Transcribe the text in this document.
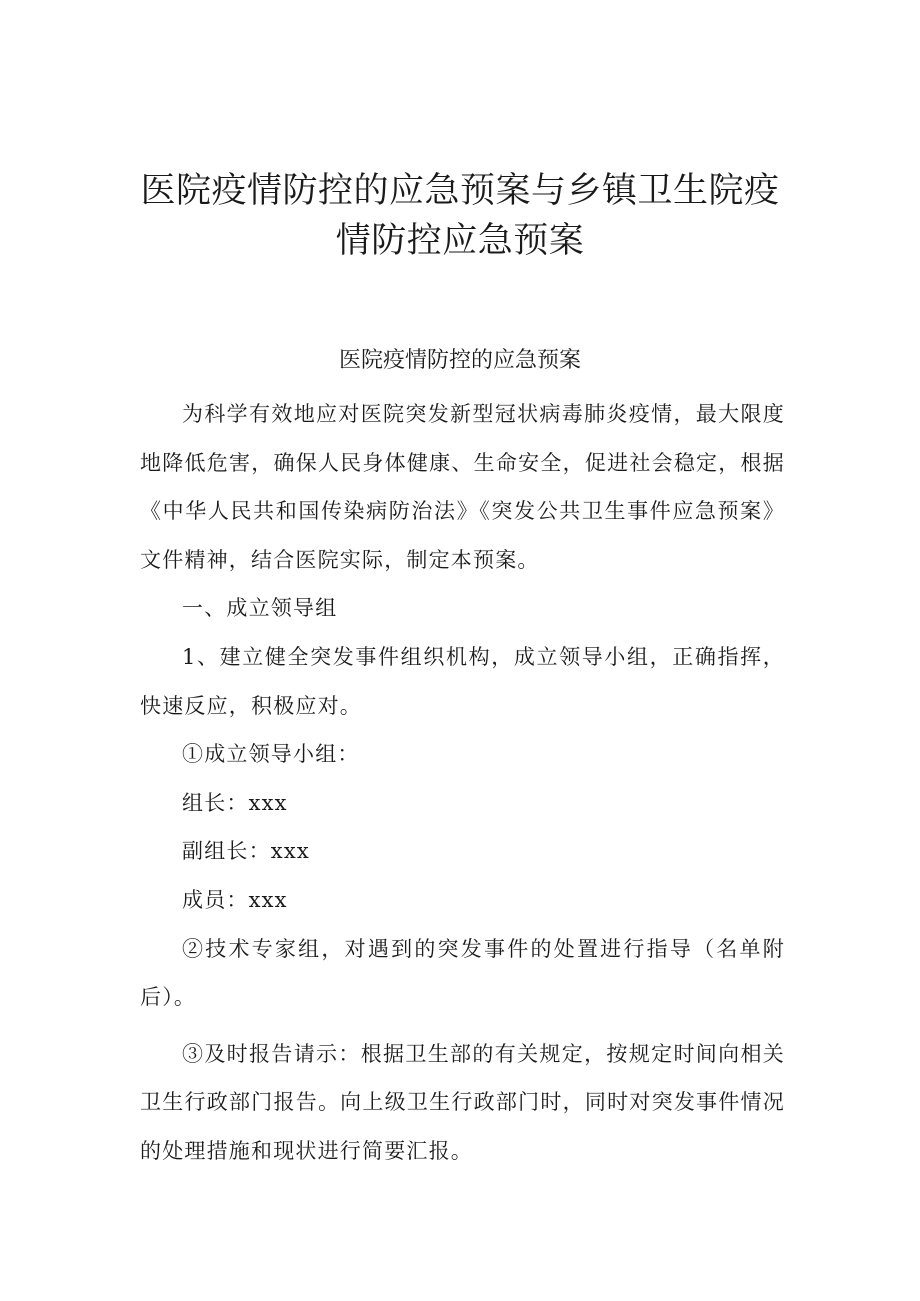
医院疫情防控的应急预案与乡镇卫生院疫
情防控应急预案
医院疫情防控的应急预案

为科学有效地应对医院突发新型冠状病毒肺炎疫情，最大限度地降低危害，确保人民身体健康、生命安全，促进社会稳定，根据《中华人民共和国传染病防治法》《突发公共卫生事件应急预案》文件精神，结合医院实际，制定本预案。

一、成立领导组

1、建立健全突发事件组织机构，成立领导小组，正确指挥，快速反应，积极应对。

①成立领导小组：

组长：xxx

副组长：xxx

成员：xxx

②技术专家组，对遇到的突发事件的处置进行指导（名单附后）。

③及时报告请示：根据卫生部的有关规定，按规定时间向相关卫生行政部门报告。向上级卫生行政部门时，同时对突发事件情况的处理措施和现状进行简要汇报。
